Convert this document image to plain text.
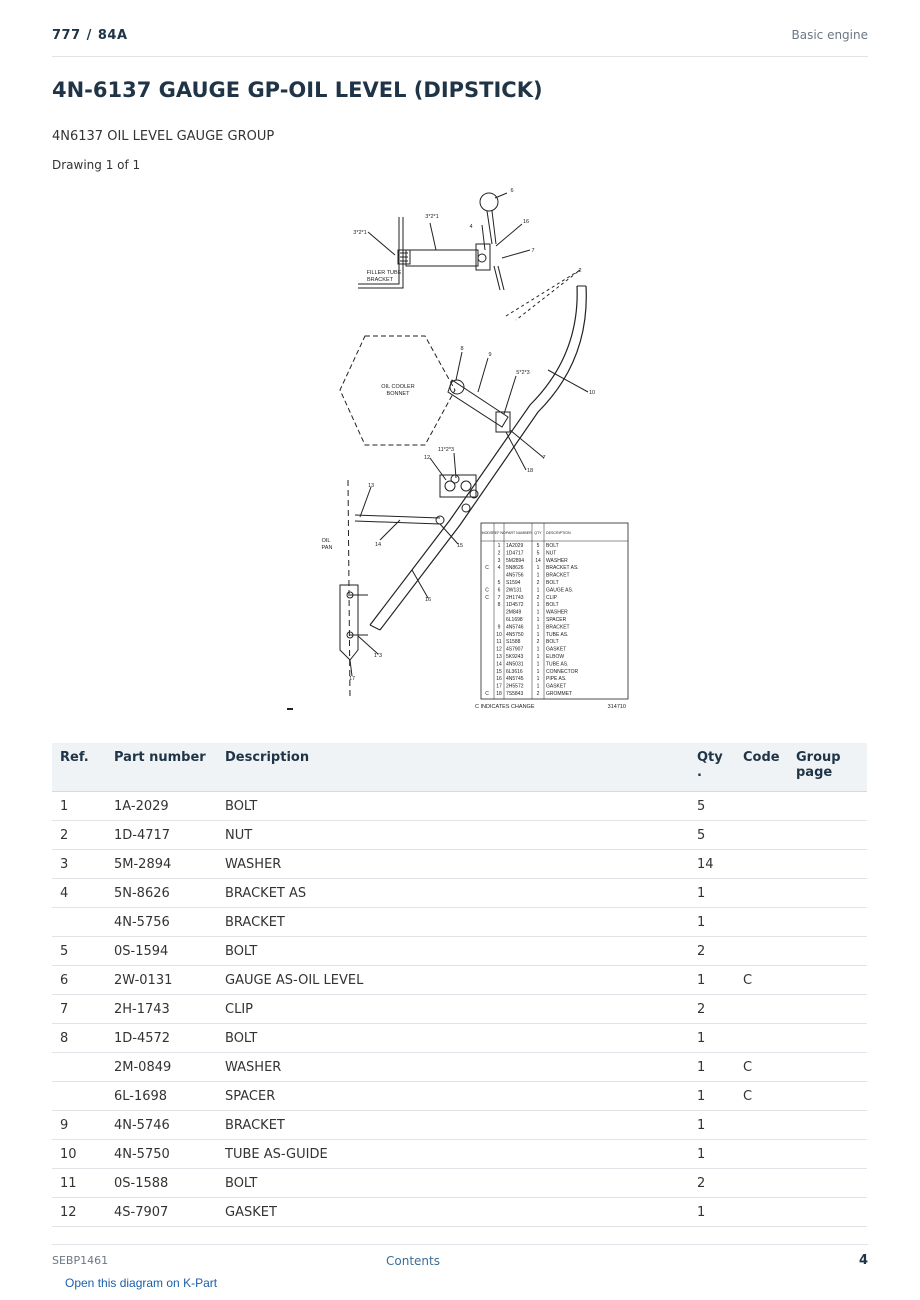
777 / 84A	Basic engine
4N-6137 GAUGE GP-OIL LEVEL (DIPSTICK)
4N6137 OIL LEVEL GAUGE GROUP
Drawing 1 of 1
FILLER TUBE
BRACKET
OIL COOLER
BONNET
OIL
PAN
3*2*1
3*2*1
4
6
16
7
2
8
9
5*2*3
10
7
18
11*2*3
12
13
14	15
16
1*3
17
MODS REF NO PART NUMBER QTY DESCRIPTION
1 1A2029	5 BOLT
2 1D4717	5 NUT
3 5M2894 14 WASHER
C 4 5N8626	1 BRACKET AS.
4N5756	1 BRACKET
5 S1594	2 BOLT
C 6 2W131	1 GAUGE AS.
C 7 2H1743	2 CLIP
8 1D4572	1 BOLT
2M849	1 WASHER
6L1698	1 SPACER
9 4N5746	1 BRACKET
10 4N5750	1 TUBE AS.
11 S1588	2 BOLT
12 4S7907	1 GASKET
13 5K9243	1 ELBOW
14 4N5031	1 TUBE AS.
15 6L3616	1 CONNECTOR
16 4N5745	1 PIPE AS.
17 2H5572	1 GASKET
C 18 7S5843	2 GROMMET
C INDICATES CHANGE	314710
Ref.	Part number	Description	Qty .	Code	Group page
1	1A-2029	BOLT	5		
2	1D-4717	NUT	5		
3	5M-2894	WASHER	14		
4	5N-8626	BRACKET AS	1		
	4N-5756	BRACKET	1		
5	0S-1594	BOLT	2		
6	2W-0131	GAUGE AS-OIL LEVEL	1	C	
7	2H-1743	CLIP	2		
8	1D-4572	BOLT	1		
	2M-0849	WASHER	1	C	
	6L-1698	SPACER	1	C	
9	4N-5746	BRACKET	1		
10	4N-5750	TUBE AS-GUIDE	1		
11	0S-1588	BOLT	2		
12	4S-7907	GASKET	1		
SEBP1461	Contents	4
Open this diagram on K-Part
